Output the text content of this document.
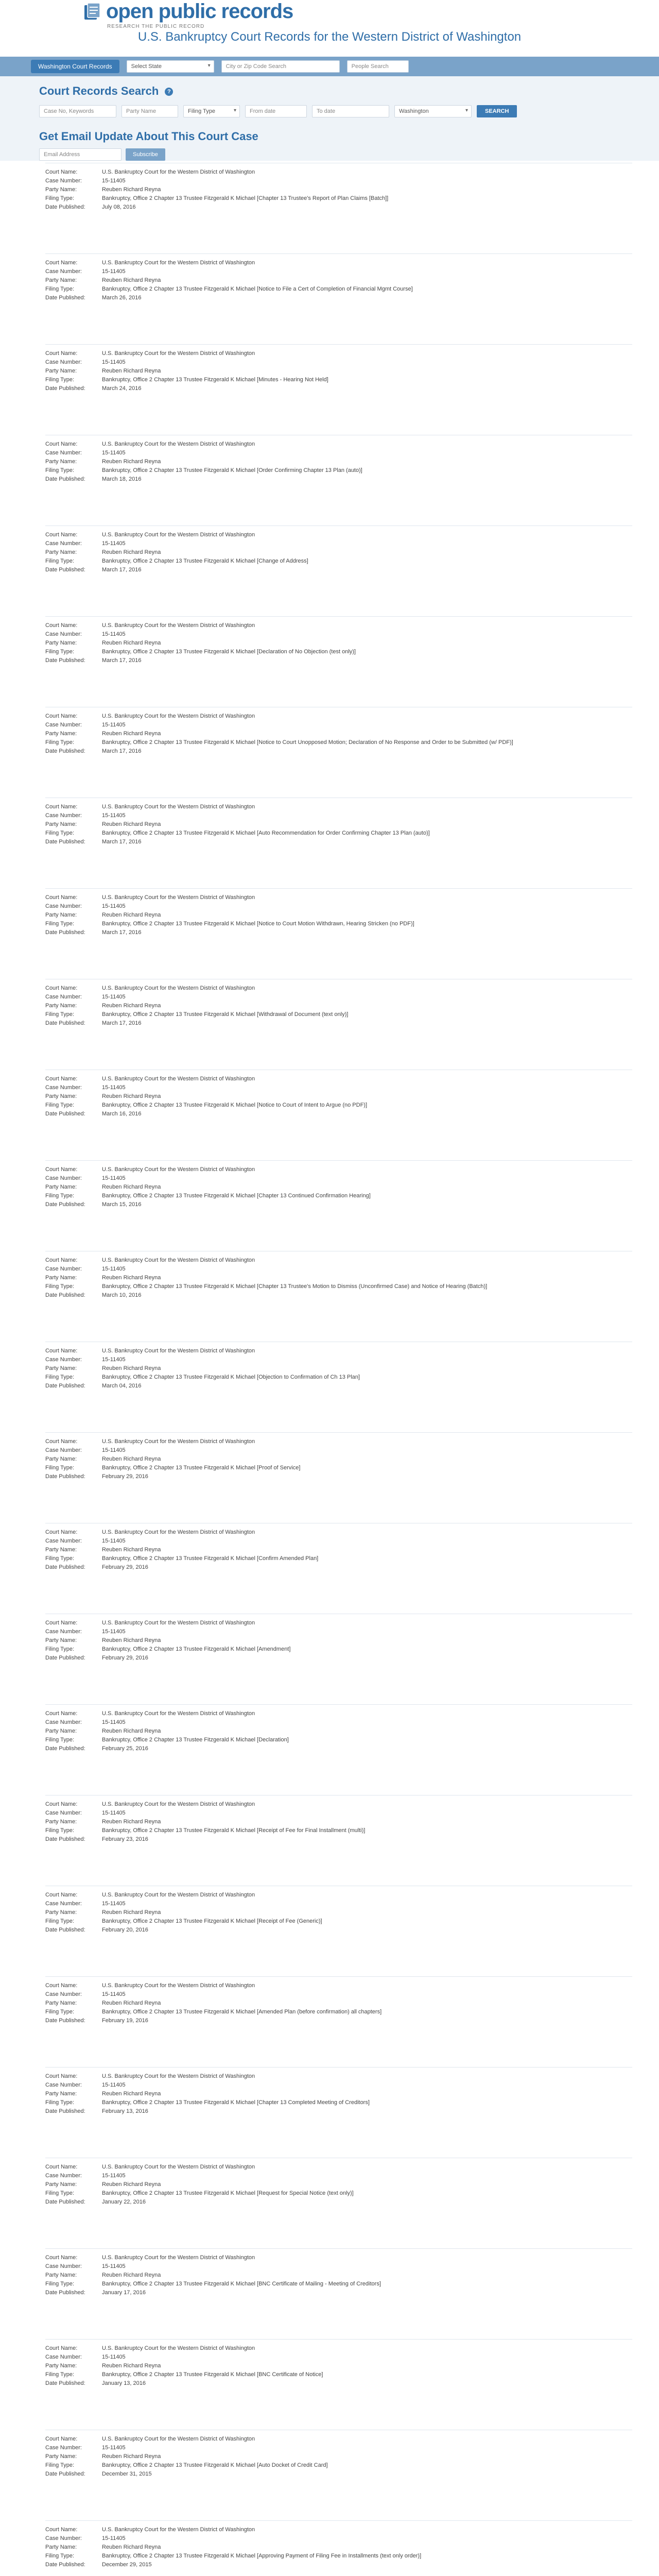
open public records
RESEARCH THE PUBLIC RECORD
U.S. Bankruptcy Court Records for the Western District of Washington
Washington Court Records	Select State	▾	City or Zip Code Search	People Search
Court Records Search ?
Case No, Keywords	Party Name	Filing Type	▾	From date	To date	Washington	▾	SEARCH
Get Email Update About This Court Case
Email Address	Subscribe
Court Name:	U.S. Bankruptcy Court for the Western District of Washington
Case Number:	15-11405
Party Name:	Reuben Richard Reyna
Filing Type:	Bankruptcy, Office 2 Chapter 13 Trustee Fitzgerald K Michael [Chapter 13 Trustee's Report of Plan Claims [Batch]]
Date Published:	July 08, 2016
Court Name:	U.S. Bankruptcy Court for the Western District of Washington
Case Number:	15-11405
Party Name:	Reuben Richard Reyna
Filing Type:	Bankruptcy, Office 2 Chapter 13 Trustee Fitzgerald K Michael [Notice to File a Cert of Completion of Financial Mgmt Course]
Date Published:	March 26, 2016
Court Name:	U.S. Bankruptcy Court for the Western District of Washington
Case Number:	15-11405
Party Name:	Reuben Richard Reyna
Filing Type:	Bankruptcy, Office 2 Chapter 13 Trustee Fitzgerald K Michael [Minutes - Hearing Not Held]
Date Published:	March 24, 2016
Court Name:	U.S. Bankruptcy Court for the Western District of Washington
Case Number:	15-11405
Party Name:	Reuben Richard Reyna
Filing Type:	Bankruptcy, Office 2 Chapter 13 Trustee Fitzgerald K Michael [Order Confirming Chapter 13 Plan (auto)]
Date Published:	March 18, 2016
Court Name:	U.S. Bankruptcy Court for the Western District of Washington
Case Number:	15-11405
Party Name:	Reuben Richard Reyna
Filing Type:	Bankruptcy, Office 2 Chapter 13 Trustee Fitzgerald K Michael [Change of Address]
Date Published:	March 17, 2016
Court Name:	U.S. Bankruptcy Court for the Western District of Washington
Case Number:	15-11405
Party Name:	Reuben Richard Reyna
Filing Type:	Bankruptcy, Office 2 Chapter 13 Trustee Fitzgerald K Michael [Declaration of No Objection (test only)]
Date Published:	March 17, 2016
Court Name:	U.S. Bankruptcy Court for the Western District of Washington
Case Number:	15-11405
Party Name:	Reuben Richard Reyna
Filing Type:	Bankruptcy, Office 2 Chapter 13 Trustee Fitzgerald K Michael [Notice to Court Unopposed Motion; Declaration of No Response and Order to be Submitted (w/ PDF)]
Date Published:	March 17, 2016
Court Name:	U.S. Bankruptcy Court for the Western District of Washington
Case Number:	15-11405
Party Name:	Reuben Richard Reyna
Filing Type:	Bankruptcy, Office 2 Chapter 13 Trustee Fitzgerald K Michael [Auto Recommendation for Order Confirming Chapter 13 Plan (auto)]
Date Published:	March 17, 2016
Court Name:	U.S. Bankruptcy Court for the Western District of Washington
Case Number:	15-11405
Party Name:	Reuben Richard Reyna
Filing Type:	Bankruptcy, Office 2 Chapter 13 Trustee Fitzgerald K Michael [Notice to Court Motion Withdrawn, Hearing Stricken (no PDF)]
Date Published:	March 17, 2016
Court Name:	U.S. Bankruptcy Court for the Western District of Washington
Case Number:	15-11405
Party Name:	Reuben Richard Reyna
Filing Type:	Bankruptcy, Office 2 Chapter 13 Trustee Fitzgerald K Michael [Withdrawal of Document (text only)]
Date Published:	March 17, 2016
Court Name:	U.S. Bankruptcy Court for the Western District of Washington
Case Number:	15-11405
Party Name:	Reuben Richard Reyna
Filing Type:	Bankruptcy, Office 2 Chapter 13 Trustee Fitzgerald K Michael [Notice to Court of Intent to Argue (no PDF)]
Date Published:	March 16, 2016
Court Name:	U.S. Bankruptcy Court for the Western District of Washington
Case Number:	15-11405
Party Name:	Reuben Richard Reyna
Filing Type:	Bankruptcy, Office 2 Chapter 13 Trustee Fitzgerald K Michael [Chapter 13 Continued Confirmation Hearing]
Date Published:	March 15, 2016
Court Name:	U.S. Bankruptcy Court for the Western District of Washington
Case Number:	15-11405
Party Name:	Reuben Richard Reyna
Filing Type:	Bankruptcy, Office 2 Chapter 13 Trustee Fitzgerald K Michael [Chapter 13 Trustee's Motion to Dismiss (Unconfirmed Case) and Notice of Hearing (Batch)]
Date Published:	March 10, 2016
Court Name:	U.S. Bankruptcy Court for the Western District of Washington
Case Number:	15-11405
Party Name:	Reuben Richard Reyna
Filing Type:	Bankruptcy, Office 2 Chapter 13 Trustee Fitzgerald K Michael [Objection to Confirmation of Ch 13 Plan]
Date Published:	March 04, 2016
Court Name:	U.S. Bankruptcy Court for the Western District of Washington
Case Number:	15-11405
Party Name:	Reuben Richard Reyna
Filing Type:	Bankruptcy, Office 2 Chapter 13 Trustee Fitzgerald K Michael [Proof of Service]
Date Published:	February 29, 2016
Court Name:	U.S. Bankruptcy Court for the Western District of Washington
Case Number:	15-11405
Party Name:	Reuben Richard Reyna
Filing Type:	Bankruptcy, Office 2 Chapter 13 Trustee Fitzgerald K Michael [Confirm Amended Plan]
Date Published:	February 29, 2016
Court Name:	U.S. Bankruptcy Court for the Western District of Washington
Case Number:	15-11405
Party Name:	Reuben Richard Reyna
Filing Type:	Bankruptcy, Office 2 Chapter 13 Trustee Fitzgerald K Michael [Amendment]
Date Published:	February 29, 2016
Court Name:	U.S. Bankruptcy Court for the Western District of Washington
Case Number:	15-11405
Party Name:	Reuben Richard Reyna
Filing Type:	Bankruptcy, Office 2 Chapter 13 Trustee Fitzgerald K Michael [Declaration]
Date Published:	February 25, 2016
Court Name:	U.S. Bankruptcy Court for the Western District of Washington
Case Number:	15-11405
Party Name:	Reuben Richard Reyna
Filing Type:	Bankruptcy, Office 2 Chapter 13 Trustee Fitzgerald K Michael [Receipt of Fee for Final Installment (multi)]
Date Published:	February 23, 2016
Court Name:	U.S. Bankruptcy Court for the Western District of Washington
Case Number:	15-11405
Party Name:	Reuben Richard Reyna
Filing Type:	Bankruptcy, Office 2 Chapter 13 Trustee Fitzgerald K Michael [Receipt of Fee (Generic)]
Date Published:	February 20, 2016
Court Name:	U.S. Bankruptcy Court for the Western District of Washington
Case Number:	15-11405
Party Name:	Reuben Richard Reyna
Filing Type:	Bankruptcy, Office 2 Chapter 13 Trustee Fitzgerald K Michael [Amended Plan (before confirmation) all chapters]
Date Published:	February 19, 2016
Court Name:	U.S. Bankruptcy Court for the Western District of Washington
Case Number:	15-11405
Party Name:	Reuben Richard Reyna
Filing Type:	Bankruptcy, Office 2 Chapter 13 Trustee Fitzgerald K Michael [Chapter 13 Completed Meeting of Creditors]
Date Published:	February 13, 2016
Court Name:	U.S. Bankruptcy Court for the Western District of Washington
Case Number:	15-11405
Party Name:	Reuben Richard Reyna
Filing Type:	Bankruptcy, Office 2 Chapter 13 Trustee Fitzgerald K Michael [Request for Special Notice (text only)]
Date Published:	January 22, 2016
Court Name:	U.S. Bankruptcy Court for the Western District of Washington
Case Number:	15-11405
Party Name:	Reuben Richard Reyna
Filing Type:	Bankruptcy, Office 2 Chapter 13 Trustee Fitzgerald K Michael [BNC Certificate of Mailing - Meeting of Creditors]
Date Published:	January 17, 2016
Court Name:	U.S. Bankruptcy Court for the Western District of Washington
Case Number:	15-11405
Party Name:	Reuben Richard Reyna
Filing Type:	Bankruptcy, Office 2 Chapter 13 Trustee Fitzgerald K Michael [BNC Certificate of Notice]
Date Published:	January 13, 2016
Court Name:	U.S. Bankruptcy Court for the Western District of Washington
Case Number:	15-11405
Party Name:	Reuben Richard Reyna
Filing Type:	Bankruptcy, Office 2 Chapter 13 Trustee Fitzgerald K Michael [Auto Docket of Credit Card]
Date Published:	December 31, 2015
Court Name:	U.S. Bankruptcy Court for the Western District of Washington
Case Number:	15-11405
Party Name:	Reuben Richard Reyna
Filing Type:	Bankruptcy, Office 2 Chapter 13 Trustee Fitzgerald K Michael [Approving Payment of Filing Fee in Installments (text only order)]
Date Published:	December 29, 2015
